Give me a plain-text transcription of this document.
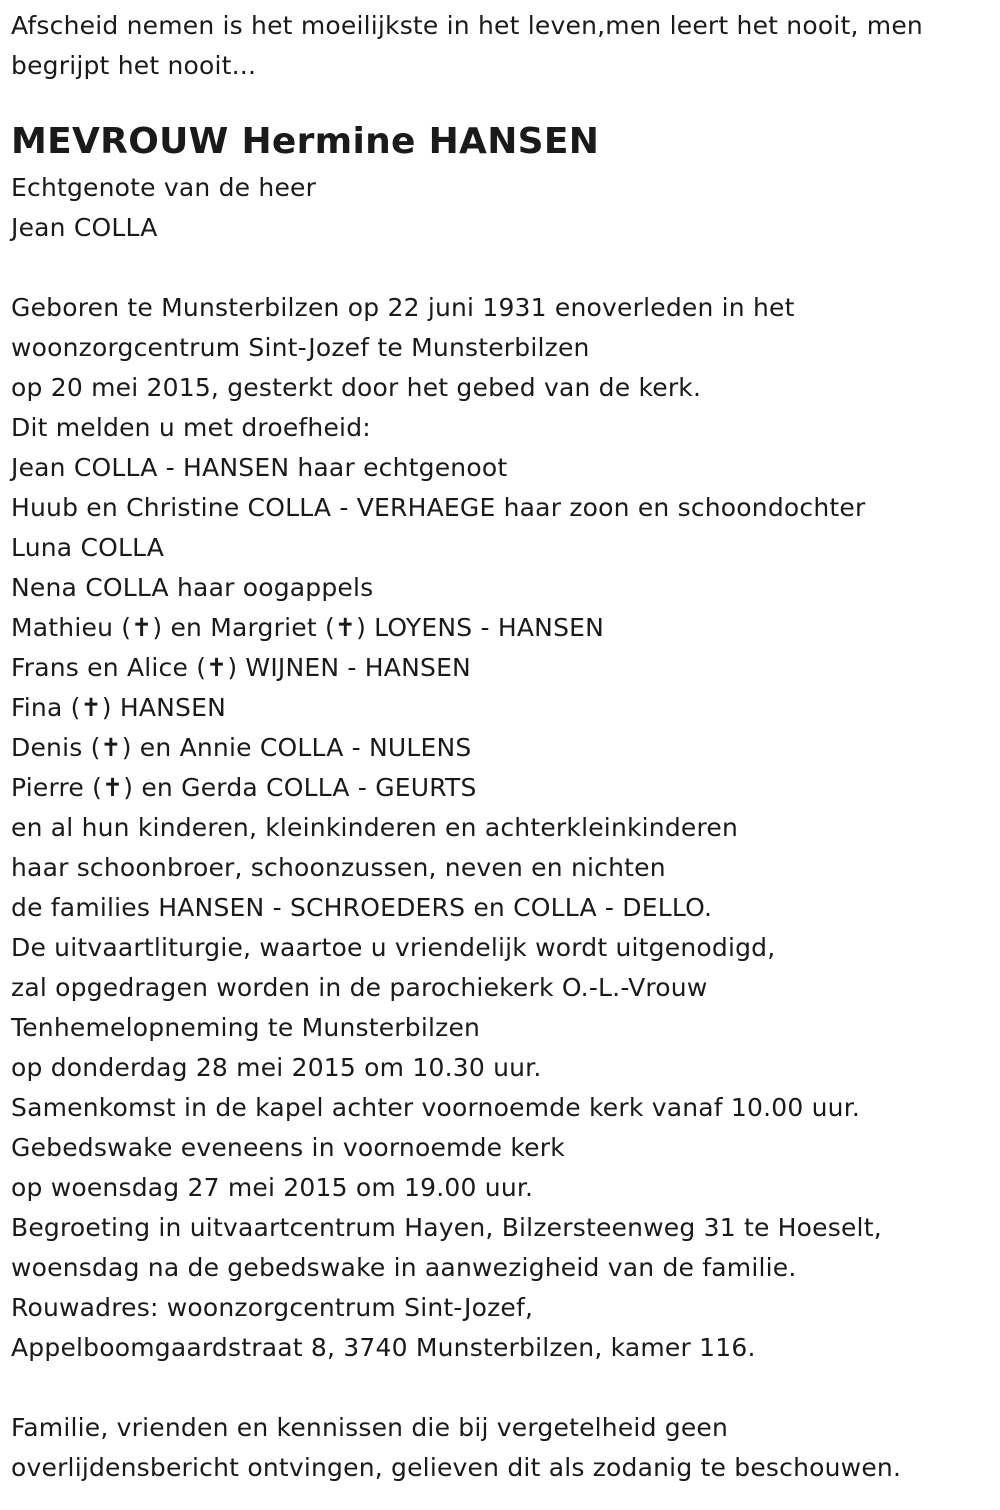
Afscheid nemen is het moeilijkste in het leven,men leert het nooit, men
begrijpt het nooit...
MEVROUW Hermine HANSEN
Echtgenote van de heer
Jean COLLA
Geboren te Munsterbilzen op 22 juni 1931 enoverleden in het
woonzorgcentrum Sint-Jozef te Munsterbilzen
op 20 mei 2015, gesterkt door het gebed van de kerk.
Dit melden u met droefheid:
Jean COLLA - HANSEN haar echtgenoot
Huub en Christine COLLA - VERHAEGE haar zoon en schoondochter
Luna COLLA
Nena COLLA haar oogappels
Mathieu (✝) en Margriet (✝) LOYENS - HANSEN
Frans en Alice (✝) WIJNEN - HANSEN
Fina (✝) HANSEN
Denis (✝) en Annie COLLA - NULENS
Pierre (✝) en Gerda COLLA - GEURTS
en al hun kinderen, kleinkinderen en achterkleinkinderen
haar schoonbroer, schoonzussen, neven en nichten
de families HANSEN - SCHROEDERS en COLLA - DELLO.
De uitvaartliturgie, waartoe u vriendelijk wordt uitgenodigd,
zal opgedragen worden in de parochiekerk O.-L.-Vrouw
Tenhemelopneming te Munsterbilzen
op donderdag 28 mei 2015 om 10.30 uur.
Samenkomst in de kapel achter voornoemde kerk vanaf 10.00 uur.
Gebedswake eveneens in voornoemde kerk
op woensdag 27 mei 2015 om 19.00 uur.
Begroeting in uitvaartcentrum Hayen, Bilzersteenweg 31 te Hoeselt,
woensdag na de gebedswake in aanwezigheid van de familie.
Rouwadres: woonzorgcentrum Sint-Jozef,
Appelboomgaardstraat 8, 3740 Munsterbilzen, kamer 116.
Familie, vrienden en kennissen die bij vergetelheid geen
overlijdensbericht ontvingen, gelieven dit als zodanig te beschouwen.
